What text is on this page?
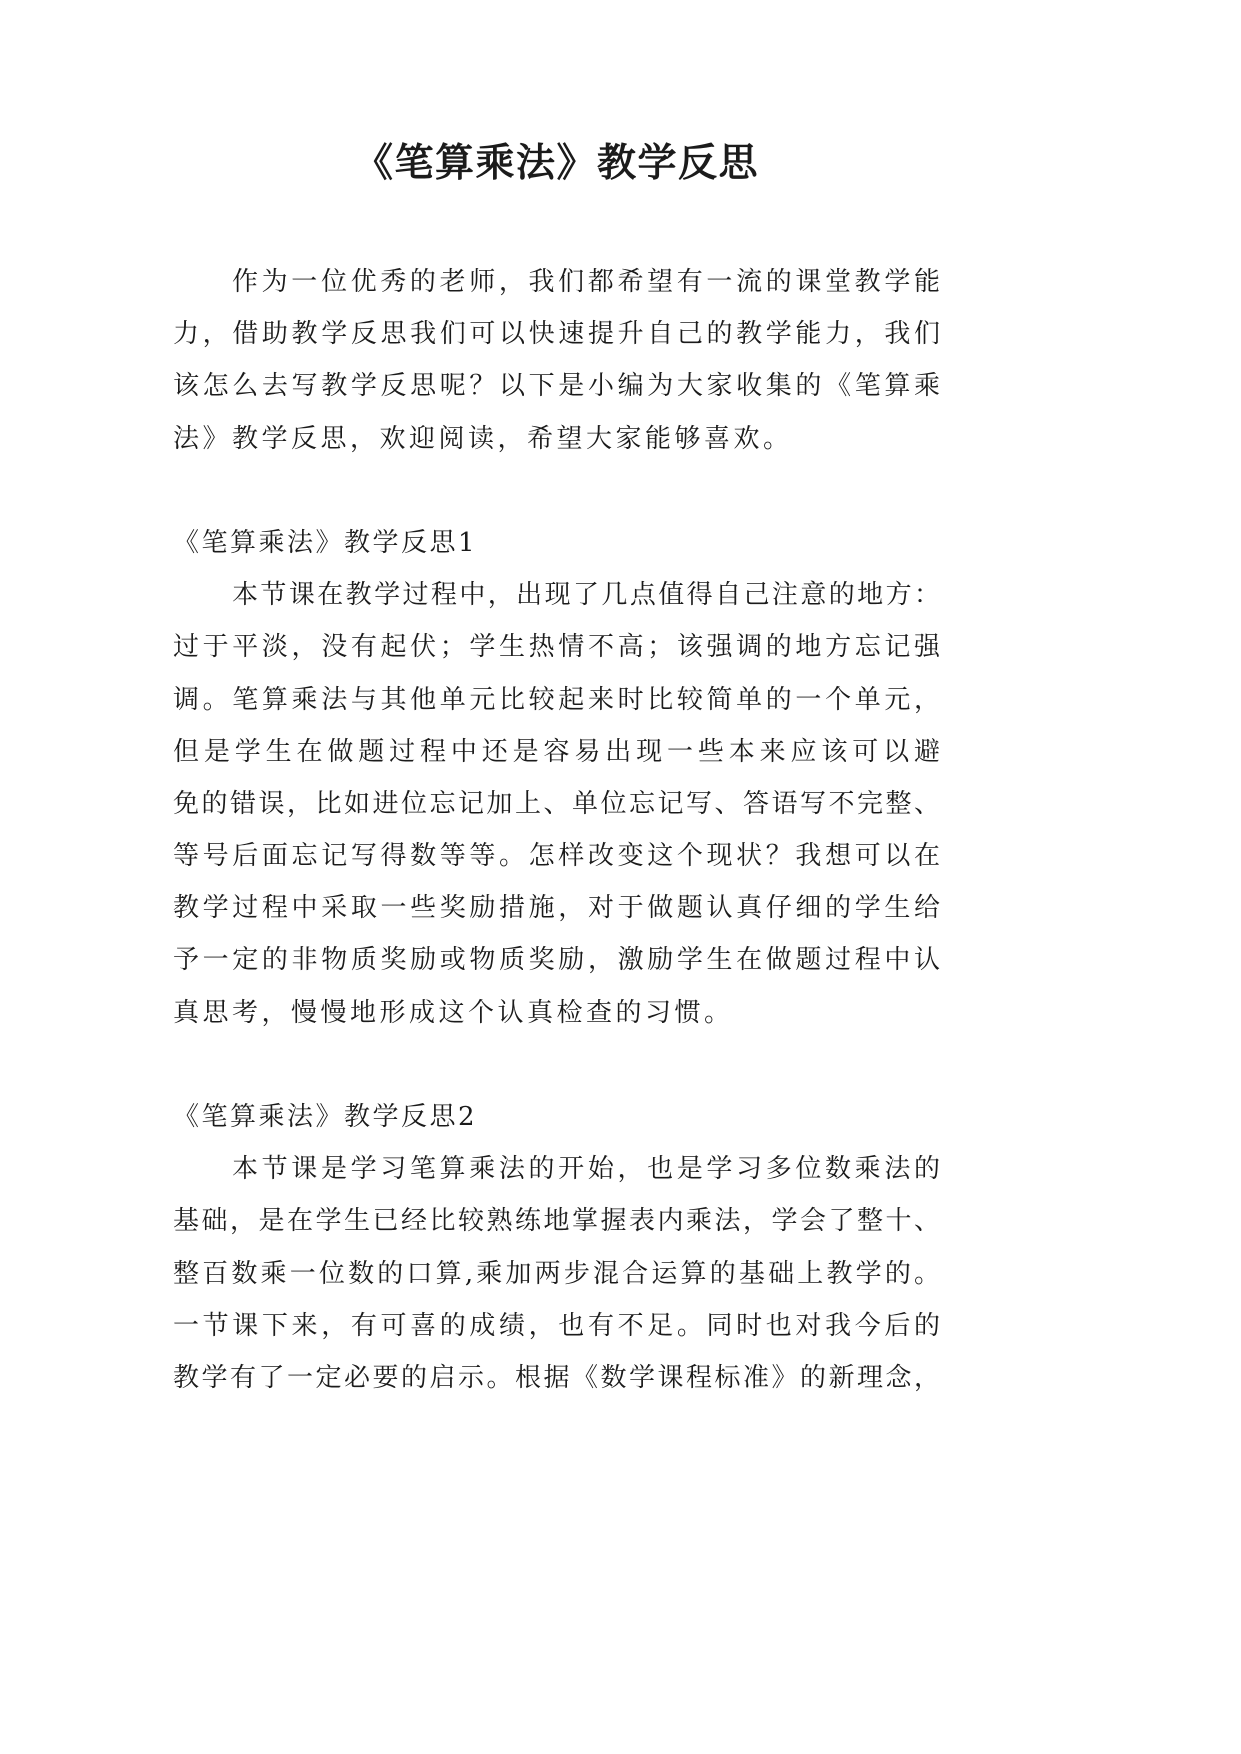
《笔算乘法》教学反思
作为一位优秀的老师，我们都希望有一流的课堂教学能
力，借助教学反思我们可以快速提升自己的教学能力，我们
该怎么去写教学反思呢？以下是小编为大家收集的《笔算乘
法》教学反思，欢迎阅读，希望大家能够喜欢。
《笔算乘法》教学反思1
本节课在教学过程中，出现了几点值得自己注意的地方：
过于平淡，没有起伏；学生热情不高；该强调的地方忘记强
调。笔算乘法与其他单元比较起来时比较简单的一个单元，
但是学生在做题过程中还是容易出现一些本来应该可以避
免的错误，比如进位忘记加上、单位忘记写、答语写不完整、
等号后面忘记写得数等等。怎样改变这个现状？我想可以在
教学过程中采取一些奖励措施，对于做题认真仔细的学生给
予一定的非物质奖励或物质奖励，激励学生在做题过程中认
真思考，慢慢地形成这个认真检查的习惯。
《笔算乘法》教学反思2
本节课是学习笔算乘法的开始，也是学习多位数乘法的
基础，是在学生已经比较熟练地掌握表内乘法，学会了整十、
整百数乘一位数的口算,乘加两步混合运算的基础上教学的。
一节课下来，有可喜的成绩，也有不足。同时也对我今后的
教学有了一定必要的启示。根据《数学课程标准》的新理念，
